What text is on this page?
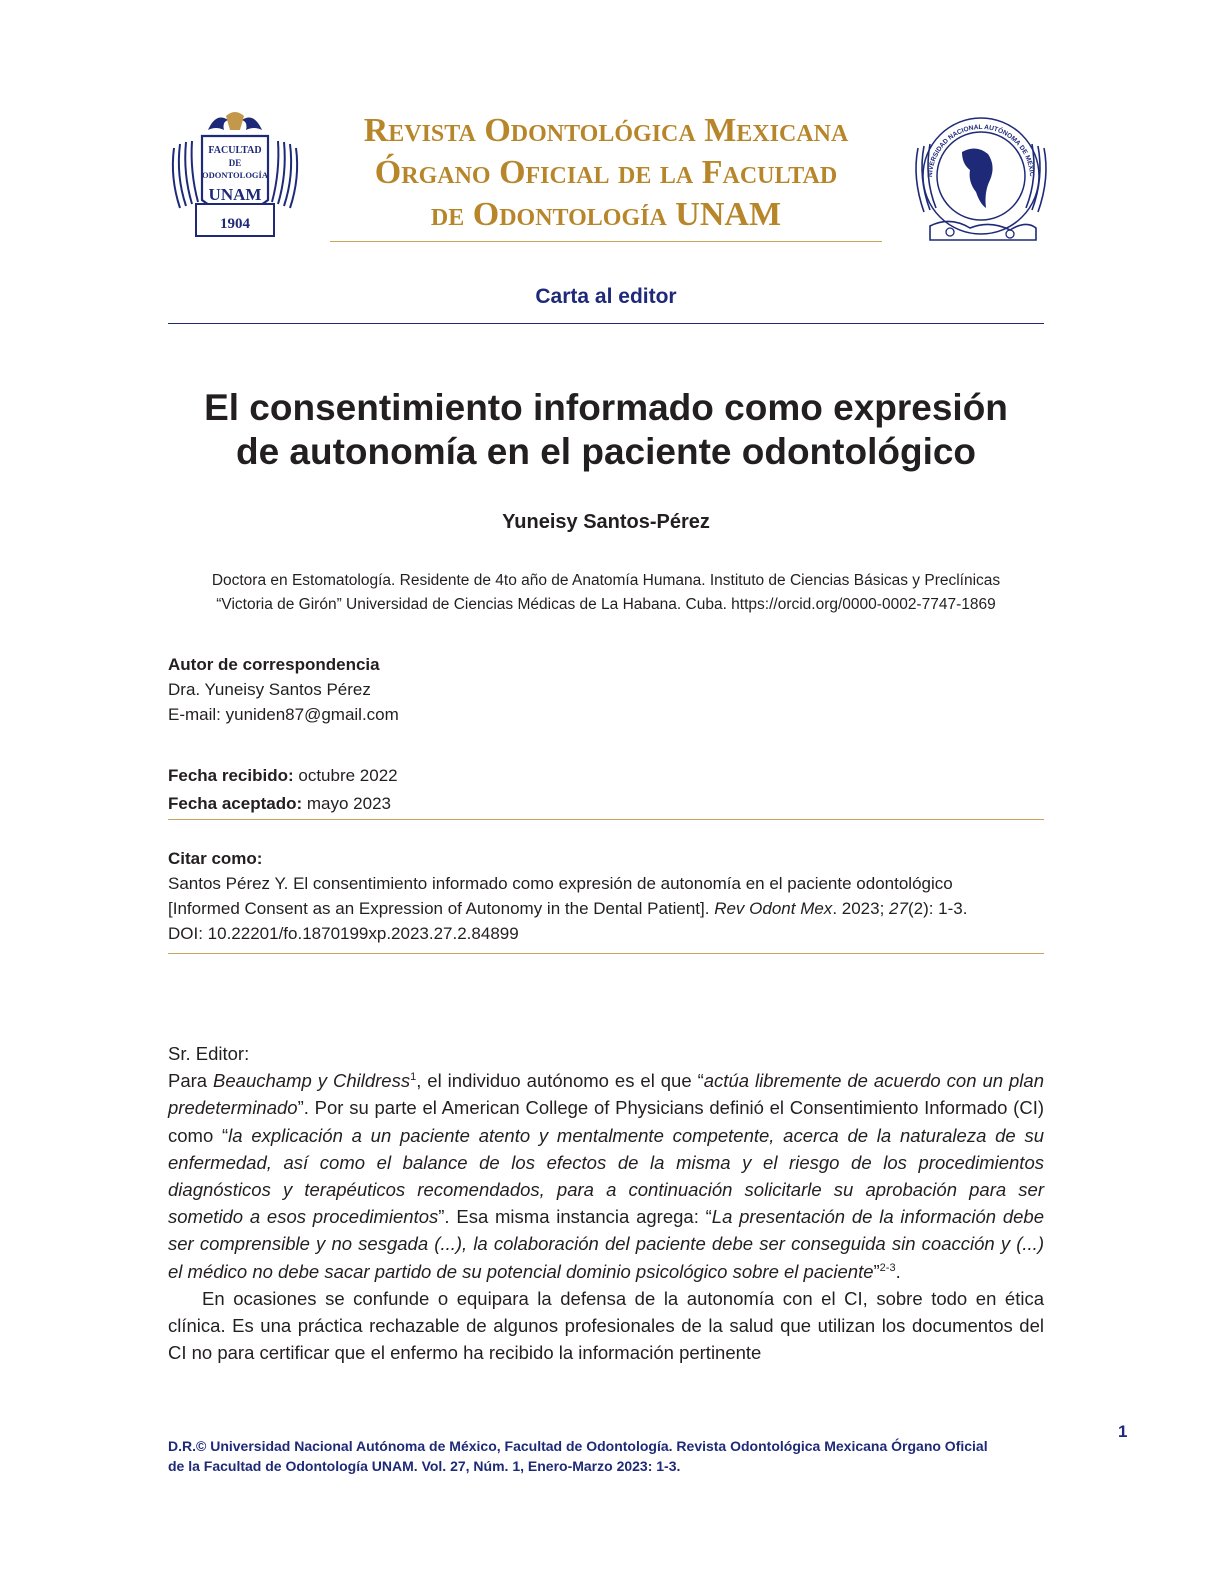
FACULTAD
DE
ODONTOLOGÍA
UNAM
1904
Revista Odontológica Mexicana
Órgano Oficial de la Facultad
de Odontología UNAM
NIVERSIDAD NACIONAL AUTÓNOMA DE MÉXIC
Carta al editor
El consentimiento informado como expresión
de autonomía en el paciente odontológico
Yuneisy Santos-Pérez
Doctora en Estomatología. Residente de 4to año de Anatomía Humana. Instituto de Ciencias Básicas y Preclínicas
“Victoria de Girón” Universidad de Ciencias Médicas de La Habana. Cuba. https://orcid.org/0000-0002-7747-1869
Autor de correspondencia
Dra. Yuneisy Santos Pérez
E-mail: yuniden87@gmail.com
Fecha recibido: octubre 2022
Fecha aceptado: mayo 2023
Citar como:
Santos Pérez Y. El consentimiento informado como expresión de autonomía en el paciente odontológico
[Informed Consent as an Expression of Autonomy in the Dental Patient]. Rev Odont Mex. 2023; 27(2): 1-3.
DOI: 10.22201/fo.1870199xp.2023.27.2.84899

Sr. Editor:

Para Beauchamp y Childress$^1$, el individuo autónomo es el que “actúa libremente de acuerdo con un plan predeterminado”. Por su parte el American College of Physicians definió el Consentimiento Informado (CI) como “la explicación a un paciente atento y mentalmente competente, acerca de la naturaleza de su enfermedad, así como el balance de los efectos de la misma y el riesgo de los procedimientos diagnósticos y terapéuticos recomendados, para a continuación solicitarle su aprobación para ser sometido a esos procedimientos”. Esa misma instancia agrega: “La presentación de la información debe ser comprensible y no sesgada (...), la colaboración del paciente debe ser conseguida sin coacción y (...) el médico no debe sacar partido de su potencial dominio psicológico sobre el paciente”$^{2-3}$.

En ocasiones se confunde o equipara la defensa de la autonomía con el CI, sobre todo en ética clínica. Es una práctica rechazable de algunos profesionales de la salud que utilizan los documentos del CI no para certificar que el enfermo ha recibido la información pertinente

D.R.© Universidad Nacional Autónoma de México, Facultad de Odontología. Revista Odontológica Mexicana Órgano Oficial
de la Facultad de Odontología UNAM. Vol. 27, Núm. 1, Enero-Marzo 2023: 1-3.
1
